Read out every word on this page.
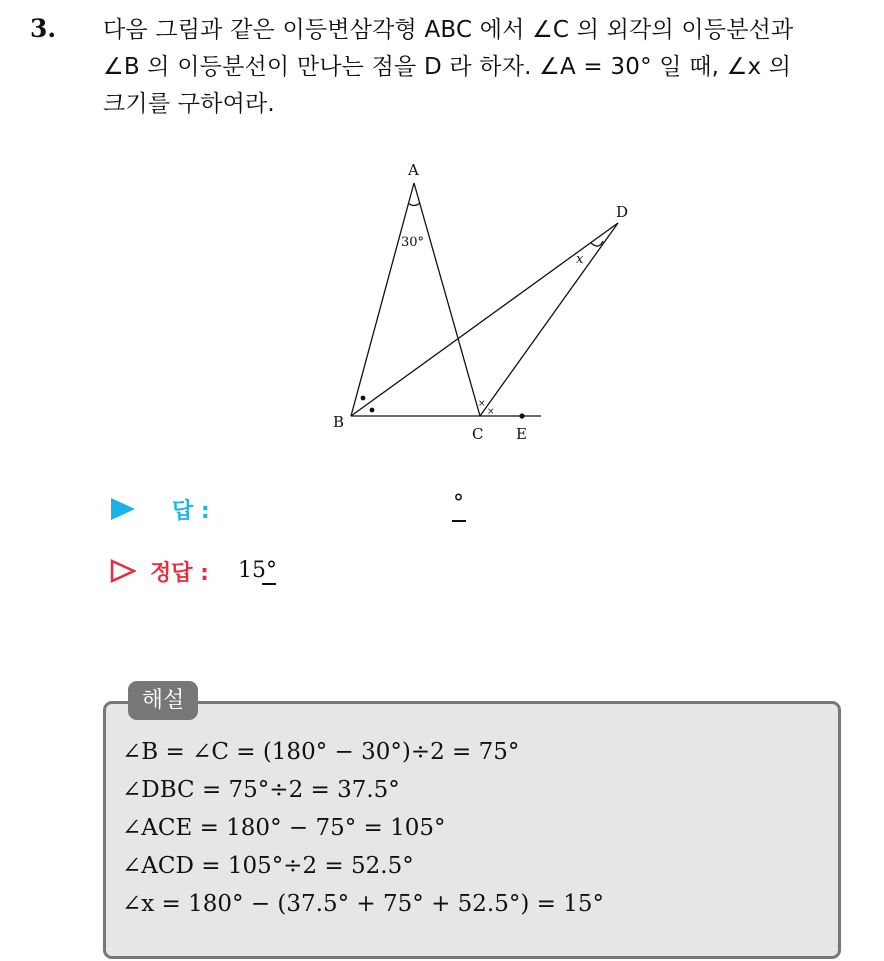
3. 다음 그림과 같은 이등변삼각형 ABC 에서 ∠C 의 외각의 이등분선과
∠B 의 이등분선이 만나는 점을 D 라 하자. ∠A = 30° 일 때, ∠x 의
크기를 구하여라.
×
×
A
B
C
D
E
30°
x
답 :	°
정답 : 15°
해설
∠B = ∠C = (180° − 30°)÷2 = 75°
∠DBC = 75°÷2 = 37.5°
∠ACE = 180° − 75° = 105°
∠ACD = 105°÷2 = 52.5°
∠x = 180° − (37.5° + 75° + 52.5°) = 15°
